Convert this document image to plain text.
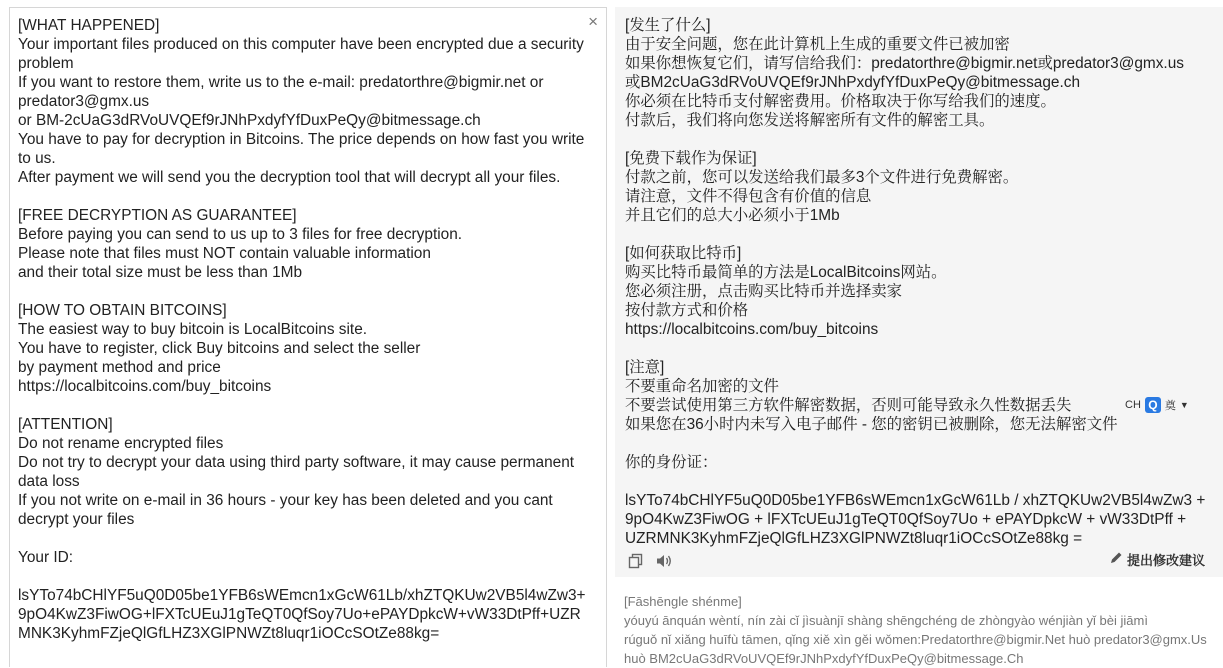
×
[WHAT HAPPENED]
Your important files produced on this computer have been encrypted due a security problem
If you want to restore them, write us to the e-mail: predatorthre@bigmir.net or predator3@gmx.us
or BM-2cUaG3dRVoUVQEf9rJNhPxdyfYfDuxPeQy@bitmessage.ch
You have to pay for decryption in Bitcoins. The price depends on how fast you write to us.
After payment we will send you the decryption tool that will decrypt all your files.
[FREE DECRYPTION AS GUARANTEE]
Before paying you can send to us up to 3 files for free decryption.
Please note that files must NOT contain valuable information
and their total size must be less than 1Mb
[HOW TO OBTAIN BITCOINS]
The easiest way to buy bitcoin is LocalBitcoins site.
You have to register, click Buy bitcoins and select the seller
by payment method and price
https://localbitcoins.com/buy_bitcoins
[ATTENTION]
Do not rename encrypted files
Do not try to decrypt your data using third party software, it may cause permanent data loss
If you not write on e-mail in 36 hours - your key has been deleted and you cant decrypt your files
Your ID:
lsYTo74bCHlYF5uQ0D05be1YFB6sWEmcn1xGcW61Lb/xhZTQKUw2VB5l4wZw3+9pO4KwZ3FiwOG+lFXTcUEuJ1gTeQT0QfSoy7Uo+ePAYDpkcW+vW33DtPff+UZRMNK3KyhmFZjeQlGfLHZ3XGlPNWZt8luqr1iOCcSOtZe88kg=
[发生了什么]
由于安全问题，您在此计算机上生成的重要文件已被加密
如果你想恢复它们，请写信给我们：predatorthre@bigmir.net或predator3@gmx.us
或BM2cUaG3dRVoUVQEf9rJNhPxdyfYfDuxPeQy@bitmessage.ch
你必须在比特币支付解密费用。价格取决于你写给我们的速度。
付款后，我们将向您发送将解密所有文件的解密工具。
[免费下载作为保证]
付款之前，您可以发送给我们最多3个文件进行免费解密。
请注意，文件不得包含有价值的信息
并且它们的总大小必须小于1Mb
[如何获取比特币]
购买比特币最简单的方法是LocalBitcoins网站。
您必须注册，点击购买比特币并选择卖家
按付款方式和价格
https://localbitcoins.com/buy_bitcoins
[注意]
不要重命名加密的文件
不要尝试使用第三方软件解密数据，否则可能导致永久性数据丢失
如果您在36小时内未写入电子邮件 - 您的密钥已被删除，您无法解密文件
你的身份证：
lsYTo74bCHlYF5uQ0D05be1YFB6sWEmcn1xGcW61Lb / xhZTQKUw2VB5l4wZw3 + 9pO4KwZ3FiwOG + lFXTcUEuJ1gTeQT0QfSoy7Uo + ePAYDpkcW + vW33DtPff + UZRMNK3KyhmFZjeQlGfLHZ3XGlPNWZt8luqr1iOCcSOtZe88kg =
提出修改建议
CH Q 奠 ▼
[Fāshēngle shénme]
yóuyú ānquán wèntí, nín zài cǐ jìsuànjī shàng shēngchéng de zhòngyào wénjiàn yǐ bèi jiāmì
rúguǒ nǐ xiǎng huīfù tāmen, qǐng xiě xìn gěi wǒmen:Predatorthre@bigmir.Net huò predator3@gmx.Us
huò BM2cUaG3dRVoUVQEf9rJNhPxdyfYfDuxPeQy@bitmessage.Ch
